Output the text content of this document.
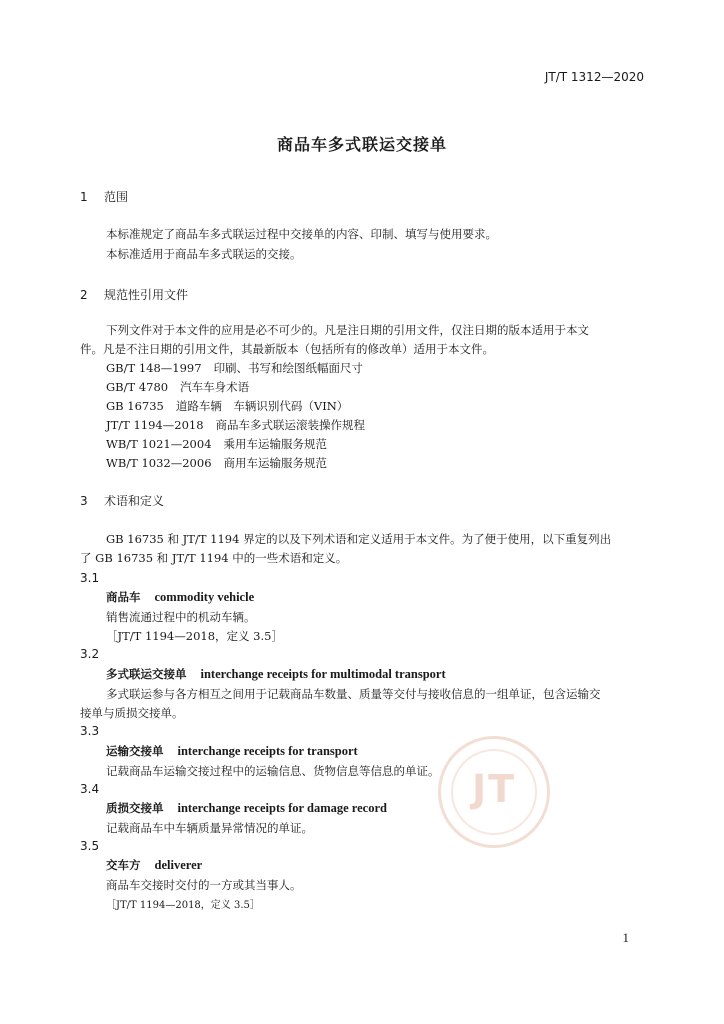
JT/T 1312—2020
商品车多式联运交接单
1 范围
本标准规定了商品车多式联运过程中交接单的内容、印制、填写与使用要求。
本标准适用于商品车多式联运的交接。
2 规范性引用文件
下列文件对于本文件的应用是必不可少的。凡是注日期的引用文件，仅注日期的版本适用于本文
件。凡是不注日期的引用文件，其最新版本（包括所有的修改单）适用于本文件。
GB/T 148—1997 印刷、书写和绘图纸幅面尺寸
GB/T 4780 汽车车身术语
GB 16735 道路车辆　车辆识别代码（VIN）
JT/T 1194—2018 商品车多式联运滚装操作规程
WB/T 1021—2004 乘用车运输服务规范
WB/T 1032—2006 商用车运输服务规范
3 术语和定义
GB 16735 和 JT/T 1194 界定的以及下列术语和定义适用于本文件。为了便于使用，以下重复列出
了 GB 16735 和 JT/T 1194 中的一些术语和定义。
JT
3.1
商品车 commodity vehicle
销售流通过程中的机动车辆。
［JT/T 1194—2018，定义 3.5］
3.2
多式联运交接单 interchange receipts for multimodal transport
多式联运参与各方相互之间用于记载商品车数量、质量等交付与接收信息的一组单证，包含运输交
接单与质损交接单。
3.3
运输交接单 interchange receipts for transport
记载商品车运输交接过程中的运输信息、货物信息等信息的单证。
3.4
质损交接单 interchange receipts for damage record
记载商品车中车辆质量异常情况的单证。
3.5
交车方 deliverer
商品车交接时交付的一方或其当事人。
［JT/T 1194—2018，定义 3.5］
1
